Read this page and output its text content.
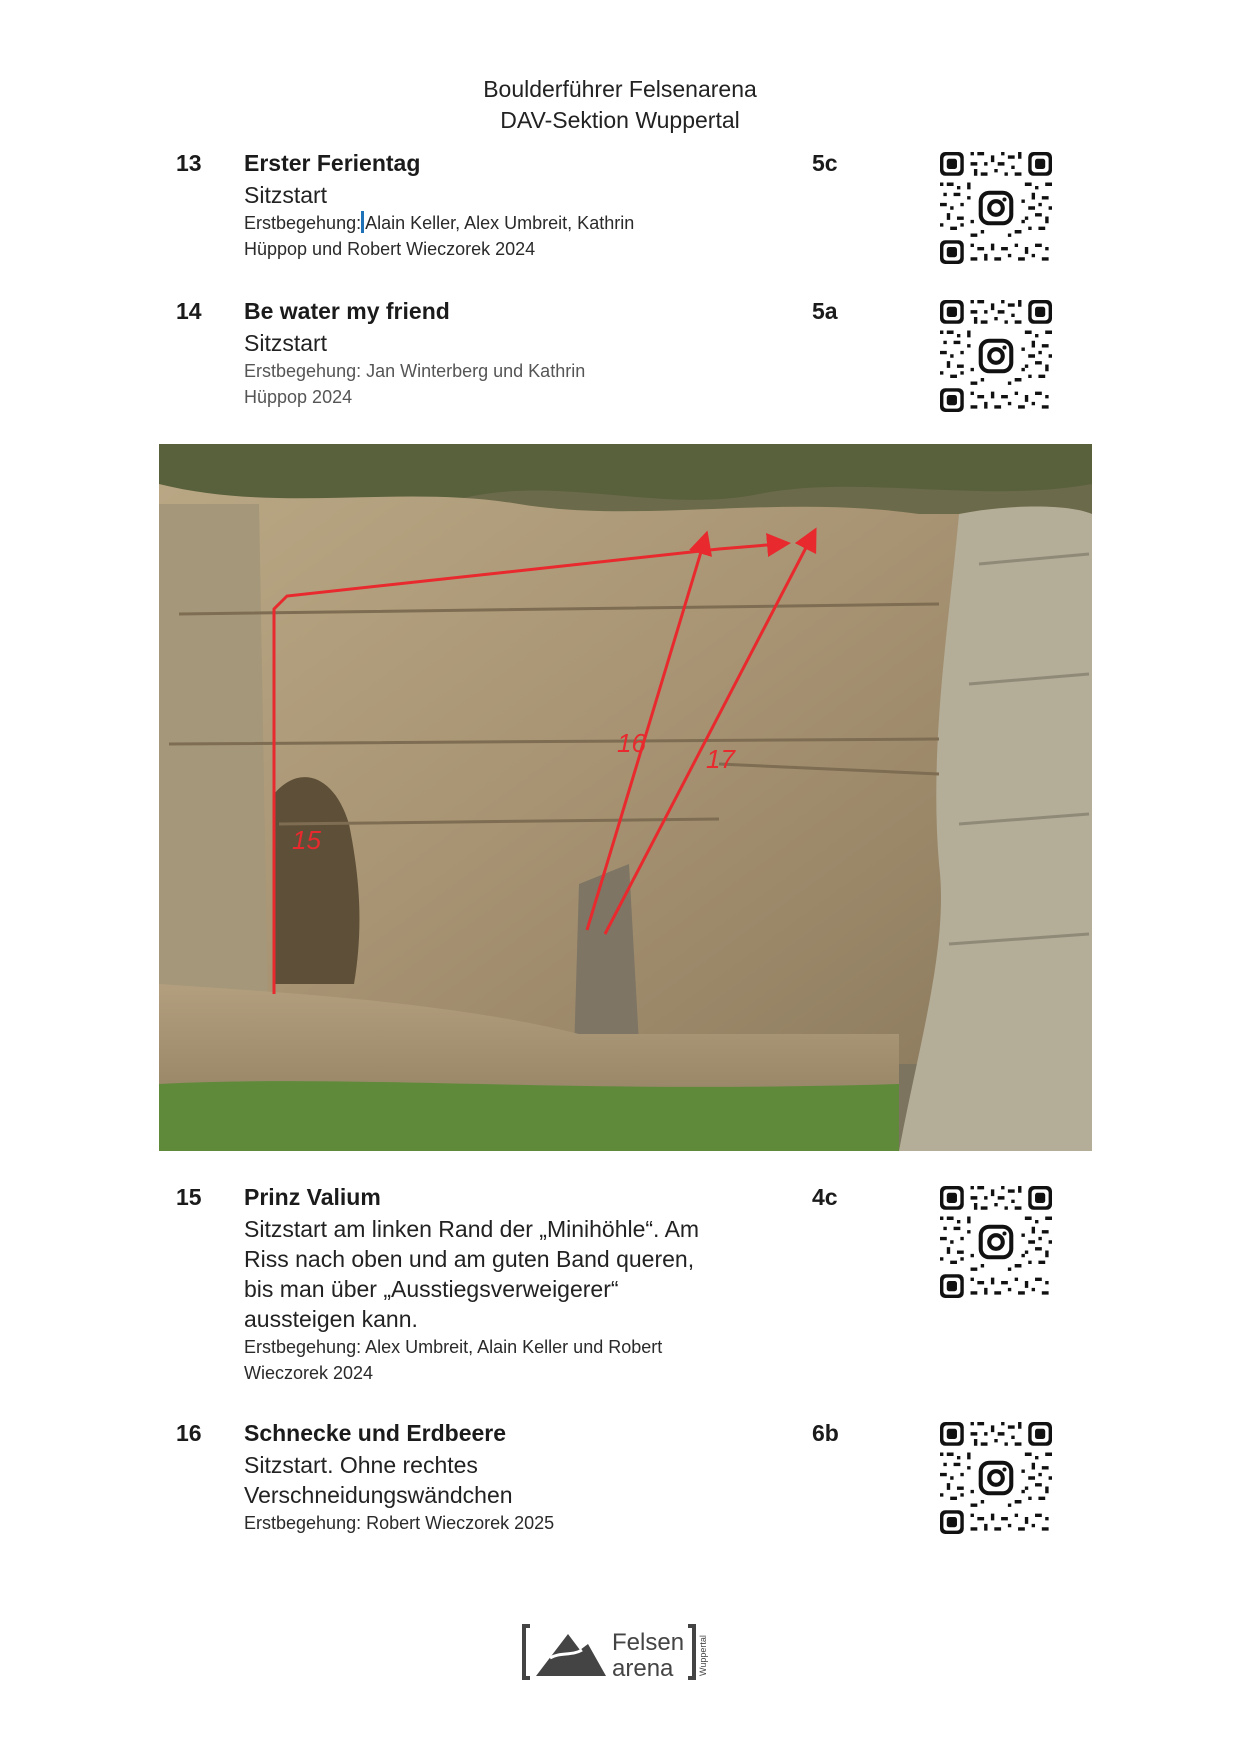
Boulderführer Felsenarena
DAV-Sektion Wuppertal
13 Erster Ferientag
Sitzstart
Erstbegehung: Alain Keller, Alex Umbreit, Kathrin
Hüppop und Robert Wieczorek 2024
5c
14 Be water my friend
Sitzstart
Erstbegehung: Jan Winterberg und Kathrin
Hüppop 2024
5a
15
16
17
15 Prinz Valium
Sitzstart am linken Rand der „Minihöhle“. Am
Riss nach oben und am guten Band queren,
bis man über „Ausstiegsverweigerer“
aussteigen kann.
Erstbegehung: Alex Umbreit, Alain Keller und Robert
Wieczorek 2024
4c
16 Schnecke und Erdbeere
Sitzstart. Ohne rechtes
Verschneidungswändchen
Erstbegehung: Robert Wieczorek 2025
6b
Felsen
arena	Wuppertal
